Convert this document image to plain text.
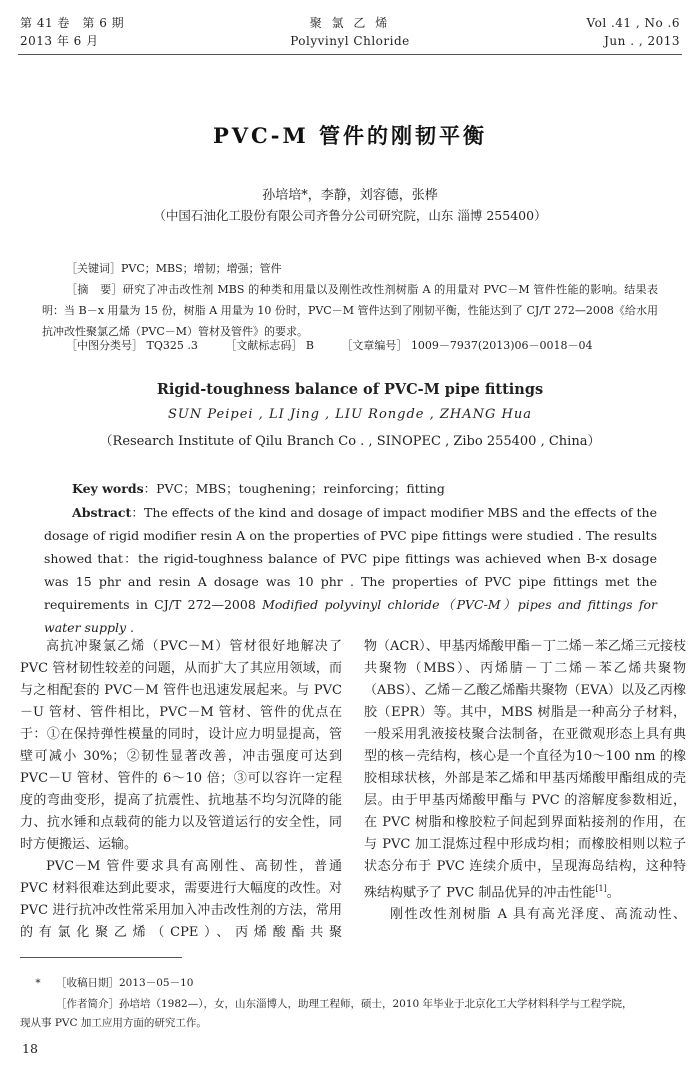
第 41 卷　第 6 期
2013 年 6 月
聚 氯 乙 烯
Polyvinyl Chloride
Vol .41 , No .6
Jun . , 2013
PVC-M 管件的刚韧平衡
孙培培*，李静，刘容德，张桦
（中国石油化工股份有限公司齐鲁分公司研究院，山东 淄博 255400）
［关键词］PVC；MBS；增韧；增强；管件
［摘　要］研究了冲击改性剂 MBS 的种类和用量以及刚性改性剂树脂 A 的用量对 PVC－M 管件性能的影响。结果表明：当 B－x 用量为 15 份，树脂 A 用量为 10 份时，PVC－M 管件达到了刚韧平衡，性能达到了 CJ/T 272—2008《给水用抗冲改性聚氯乙烯（PVC－M）管材及管件》的要求。
［中图分类号］ TQ325 .3	［文献标志码］ B	［文章编号］ 1009－7937(2013)06－0018－04
Rigid-toughness balance of PVC-M pipe fittings
SUN Peipei , LI Jing , LIU Rongde , ZHANG Hua
（Research Institute of Qilu Branch Co . , SINOPEC , Zibo 255400 , China）
Key words：PVC；MBS；toughening；reinforcing；fitting
Abstract：The effects of the kind and dosage of impact modifier MBS and the effects of the dosage of rigid modifier resin A on the properties of PVC pipe fittings were studied . The results showed that：the rigid-toughness balance of PVC pipe fittings was achieved when B-x dosage was 15 phr and resin A dosage was 10 phr . The properties of PVC pipe fittings met the requirements in CJ/T 272—2008 Modified polyvinyl chloride（PVC-M）pipes and fittings for water supply .

高抗冲聚氯乙烯（PVC－M）管材很好地解决了 PVC 管材韧性较差的问题，从而扩大了其应用领域，而与之相配套的 PVC－M 管件也迅速发展起来。与 PVC－U 管材、管件相比，PVC－M 管材、管件的优点在于：①在保持弹性模量的同时，设计应力明显提高，管壁可减小 30%；②韧性显著改善，冲击强度可达到 PVC－U 管材、管件的 6～10 倍；③可以容许一定程度的弯曲变形，提高了抗震性、抗地基不均匀沉降的能力、抗水锤和点载荷的能力以及管道运行的安全性，同时方便搬运、运输。

PVC－M 管件要求具有高刚性、高韧性，普通 PVC 材料很难达到此要求，需要进行大幅度的改性。对 PVC 进行抗冲改性常采用加入冲击改性剂的方法，常用的有氯化聚乙烯（CPE）、丙烯酸酯共聚

物（ACR）、甲基丙烯酸甲酯－丁二烯－苯乙烯三元接枝共聚物（MBS）、丙烯腈－丁二烯－苯乙烯共聚物（ABS）、乙烯－乙酸乙烯酯共聚物（EVA）以及乙丙橡胶（EPR）等。其中，MBS 树脂是一种高分子材料，一般采用乳液接枝聚合法制备，在亚微观形态上具有典型的核－壳结构，核心是一个直径为10～100 nm 的橡胶相球状核，外部是苯乙烯和甲基丙烯酸甲酯组成的壳层。由于甲基丙烯酸甲酯与 PVC 的溶解度参数相近，在 PVC 树脂和橡胶粒子间起到界面粘接剂的作用，在与 PVC 加工混炼过程中形成均相；而橡胶相则以粒子状态分布于 PVC 连续介质中，呈现海岛结构，这种特殊结构赋予了 PVC 制品优异的冲击性能[1]。

刚性改性剂树脂 A 具有高光泽度、高流动性、

* ［收稿日期］2013－05－10
［作者简介］孙培培（1982—），女，山东淄博人，助理工程师，硕士，2010 年毕业于北京化工大学材料科学与工程学院，
现从事 PVC 加工应用方面的研究工作。
18
